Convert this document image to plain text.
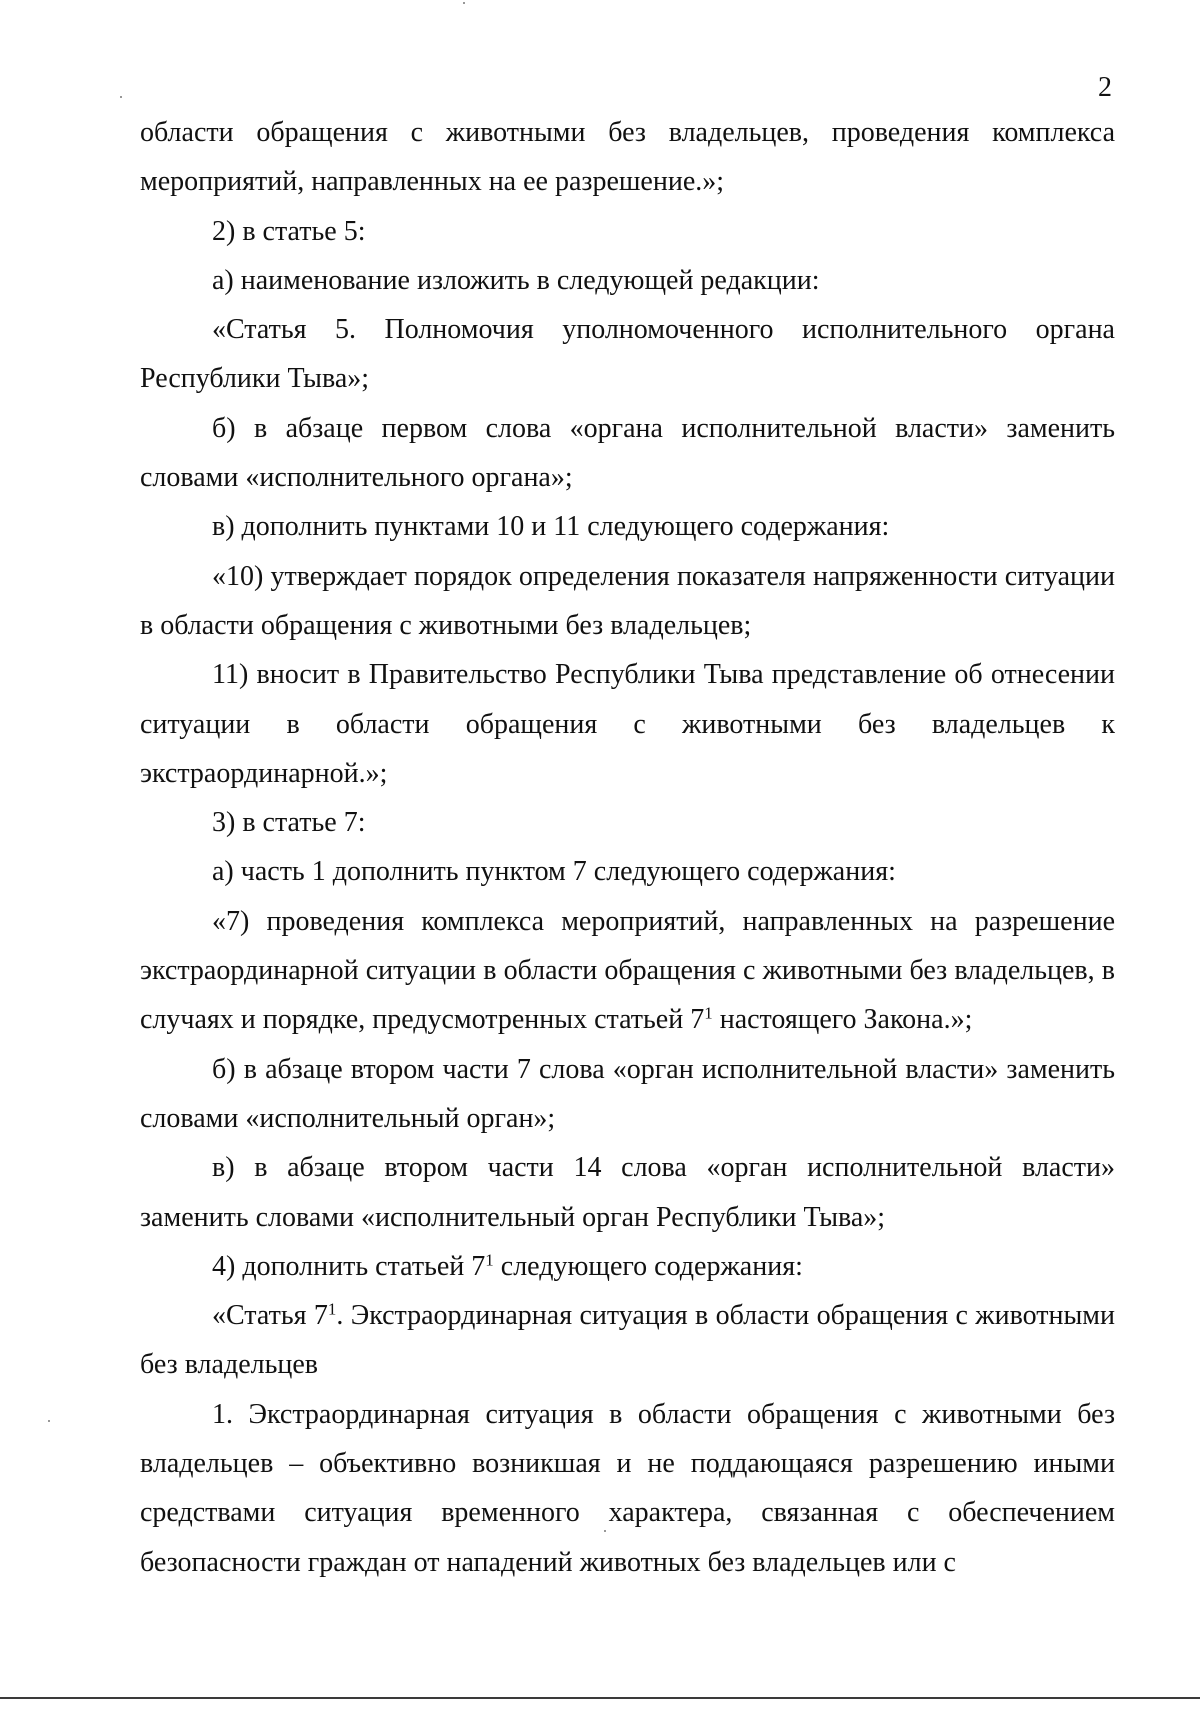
2

области обращения с животными без владельцев, проведения комплекса мероприятий, направленных на ее разрешение.»;

2) в статье 5:

а) наименование изложить в следующей редакции:

«Статья 5. Полномочия уполномоченного исполнительного органа Республики Тыва»;

б) в абзаце первом слова «органа исполнительной власти» заменить словами «исполнительного органа»;

в) дополнить пунктами 10 и 11 следующего содержания:

«10) утверждает порядок определения показателя напряженности ситуации в области обращения с животными без владельцев;

11) вносит в Правительство Республики Тыва представление об отнесении ситуации в области обращения с животными без владельцев к экстраординарной.»;

3) в статье 7:

а) часть 1 дополнить пунктом 7 следующего содержания:

«7) проведения комплекса мероприятий, направленных на разрешение экстраординарной ситуации в области обращения с животными без владельцев, в случаях и порядке, предусмотренных статьей $7^1$ настоящего Закона.»;

б) в абзаце втором части 7 слова «орган исполнительной власти» заменить словами «исполнительный орган»;

в) в абзаце втором части 14 слова «орган исполнительной власти» заменить словами «исполнительный орган Республики Тыва»;

4) дополнить статьей $7^1$ следующего содержания:

«Статья $7^1$. Экстраординарная ситуация в области обращения с животными без владельцев

1. Экстраординарная ситуация в области обращения с животными без владельцев – объективно возникшая и не поддающаяся разрешению иными средствами ситуация временного характера, связанная с обеспечением безопасности граждан от нападений животных без владельцев или с
